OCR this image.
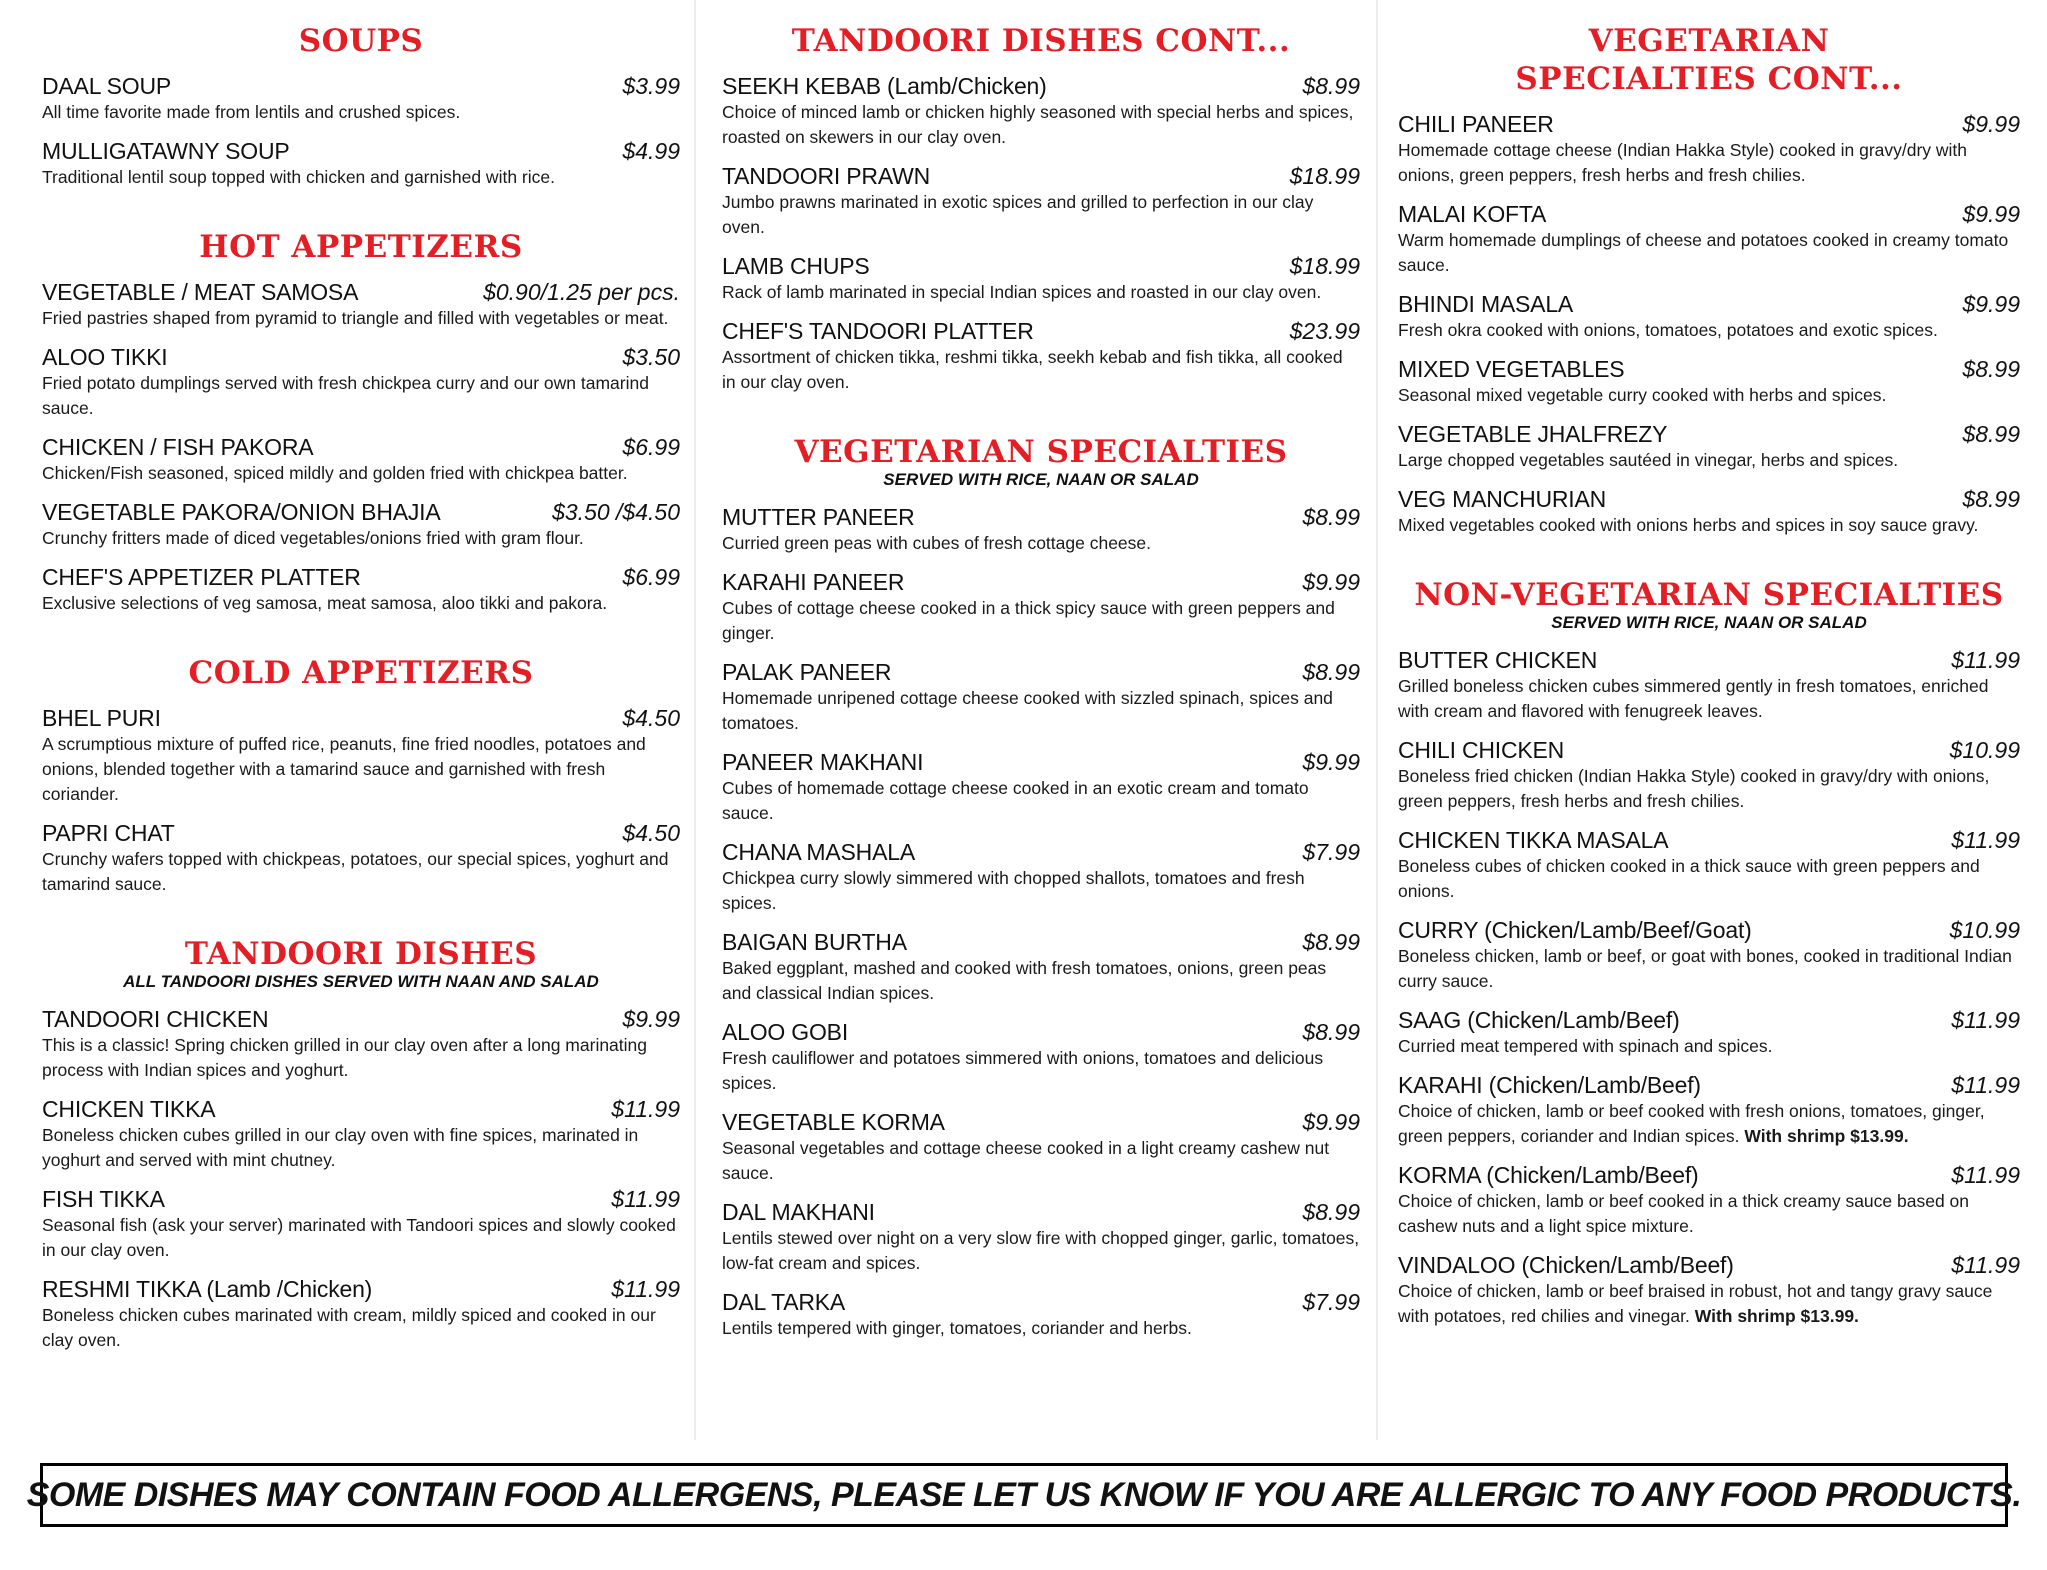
SOUPS
DAAL SOUP	$3.99
All time favorite made from lentils and crushed spices.
MULLIGATAWNY SOUP	$4.99
Traditional lentil soup topped with chicken and garnished with rice.
HOT APPETIZERS
VEGETABLE / MEAT SAMOSA	$0.90/1.25 per pcs.
Fried pastries shaped from pyramid to triangle and filled with vegetables or meat.
ALOO TIKKI	$3.50
Fried potato dumplings served with fresh chickpea curry and our own tamarind sauce.
CHICKEN / FISH PAKORA	$6.99
Chicken/Fish seasoned, spiced mildly and golden fried with chickpea batter.
VEGETABLE PAKORA/ONION BHAJIA	$3.50 /$4.50
Crunchy fritters made of diced vegetables/onions fried with gram flour.
CHEF'S APPETIZER PLATTER	$6.99
Exclusive selections of veg samosa, meat samosa, aloo tikki and pakora.
COLD APPETIZERS
BHEL PURI	$4.50
A scrumptious mixture of puffed rice, peanuts, fine fried noodles, potatoes and onions, blended together with a tamarind sauce and garnished with fresh coriander.
PAPRI CHAT	$4.50
Crunchy wafers topped with chickpeas, potatoes, our special spices, yoghurt and tamarind sauce.
TANDOORI DISHES
ALL TANDOORI DISHES SERVED WITH NAAN AND SALAD
TANDOORI CHICKEN	$9.99
This is a classic! Spring chicken grilled in our clay oven after a long marinating process with Indian spices and yoghurt.
CHICKEN TIKKA	$11.99
Boneless chicken cubes grilled in our clay oven with fine spices, marinated in yoghurt and served with mint chutney.
FISH TIKKA	$11.99
Seasonal fish (ask your server) marinated with Tandoori spices and slowly cooked in our clay oven.
RESHMI TIKKA (Lamb /Chicken)	$11.99
Boneless chicken cubes marinated with cream, mildly spiced and cooked in our clay oven.
TANDOORI DISHES CONT...
SEEKH KEBAB (Lamb/Chicken)	$8.99
Choice of minced lamb or chicken highly seasoned with special herbs and spices, roasted on skewers in our clay oven.
TANDOORI PRAWN	$18.99
Jumbo prawns marinated in exotic spices and grilled to perfection in our clay oven.
LAMB CHUPS	$18.99
Rack of lamb marinated in special Indian spices and roasted in our clay oven.
CHEF'S TANDOORI PLATTER	$23.99
Assortment of chicken tikka, reshmi tikka, seekh kebab and fish tikka, all cooked in our clay oven.
VEGETARIAN SPECIALTIES
SERVED WITH RICE, NAAN OR SALAD
MUTTER PANEER	$8.99
Curried green peas with cubes of fresh cottage cheese.
KARAHI PANEER	$9.99
Cubes of cottage cheese cooked in a thick spicy sauce with green peppers and ginger.
PALAK PANEER	$8.99
Homemade unripened cottage cheese cooked with sizzled spinach, spices and tomatoes.
PANEER MAKHANI	$9.99
Cubes of homemade cottage cheese cooked in an exotic cream and tomato sauce.
CHANA MASHALA	$7.99
Chickpea curry slowly simmered with chopped shallots, tomatoes and fresh spices.
BAIGAN BURTHA	$8.99
Baked eggplant, mashed and cooked with fresh tomatoes, onions, green peas and classical Indian spices.
ALOO GOBI	$8.99
Fresh cauliflower and potatoes simmered with onions, tomatoes and delicious spices.
VEGETABLE KORMA	$9.99
Seasonal vegetables and cottage cheese cooked in a light creamy cashew nut sauce.
DAL MAKHANI	$8.99
Lentils stewed over night on a very slow fire with chopped ginger, garlic, tomatoes, low-fat cream and spices.
DAL TARKA	$7.99
Lentils tempered with ginger, tomatoes, coriander and herbs.
VEGETARIAN SPECIALTIES CONT...
CHILI PANEER	$9.99
Homemade cottage cheese (Indian Hakka Style) cooked in gravy/dry with onions, green peppers, fresh herbs and fresh chilies.
MALAI KOFTA	$9.99
Warm homemade dumplings of cheese and potatoes cooked in creamy tomato sauce.
BHINDI MASALA	$9.99
Fresh okra cooked with onions, tomatoes, potatoes and exotic spices.
MIXED VEGETABLES	$8.99
Seasonal mixed vegetable curry cooked with herbs and spices.
VEGETABLE JHALFREZY	$8.99
Large chopped vegetables sautéed in vinegar, herbs and spices.
VEG MANCHURIAN	$8.99
Mixed vegetables cooked with onions herbs and spices in soy sauce gravy.
NON-VEGETARIAN SPECIALTIES
SERVED WITH RICE, NAAN OR SALAD
BUTTER CHICKEN	$11.99
Grilled boneless chicken cubes simmered gently in fresh tomatoes, enriched with cream and flavored with fenugreek leaves.
CHILI CHICKEN	$10.99
Boneless fried chicken (Indian Hakka Style) cooked in gravy/dry with onions, green peppers, fresh herbs and fresh chilies.
CHICKEN TIKKA MASALA	$11.99
Boneless cubes of chicken cooked in a thick sauce with green peppers and onions.
CURRY (Chicken/Lamb/Beef/Goat)	$10.99
Boneless chicken, lamb or beef, or goat with bones, cooked in traditional Indian curry sauce.
SAAG (Chicken/Lamb/Beef)	$11.99
Curried meat tempered with spinach and spices.
KARAHI (Chicken/Lamb/Beef)	$11.99
Choice of chicken, lamb or beef cooked with fresh onions, tomatoes, ginger, green peppers, coriander and Indian spices. With shrimp $13.99.
KORMA (Chicken/Lamb/Beef)	$11.99
Choice of chicken, lamb or beef cooked in a thick creamy sauce based on cashew nuts and a light spice mixture.
VINDALOO (Chicken/Lamb/Beef)	$11.99
Choice of chicken, lamb or beef braised in robust, hot and tangy gravy sauce with potatoes, red chilies and vinegar. With shrimp $13.99.
SOME DISHES MAY CONTAIN FOOD ALLERGENS, PLEASE LET US KNOW IF YOU ARE ALLERGIC TO ANY FOOD PRODUCTS.
